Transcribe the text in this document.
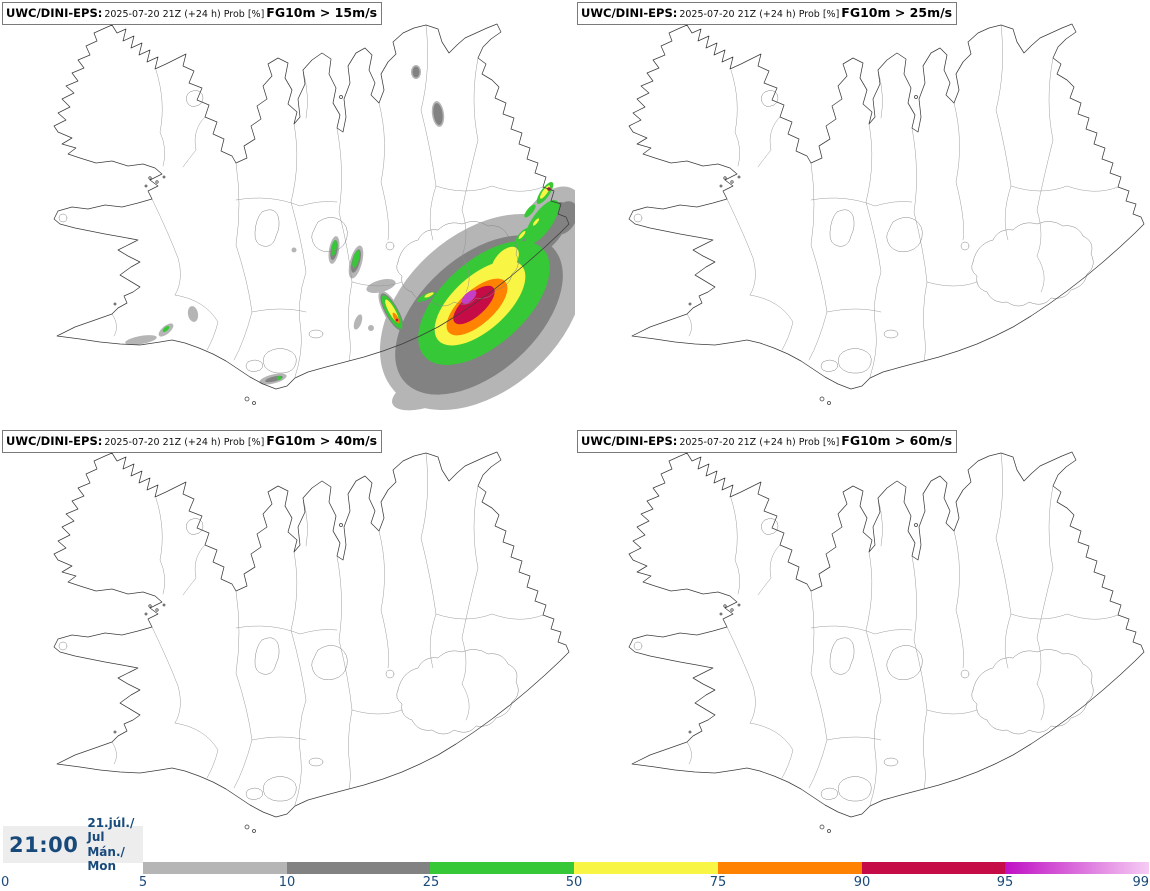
UWC/DINI-EPS: 2025-07-20 21Z (+24 h) Prob [%] FG10m > 15m/s	UWC/DINI-EPS: 2025-07-20 21Z (+24 h) Prob [%] FG10m > 25m/s
UWC/DINI-EPS: 2025-07-20 21Z (+24 h) Prob [%] FG10m > 40m/s	UWC/DINI-EPS: 2025-07-20 21Z (+24 h) Prob [%] FG10m > 60m/s
21:00
21.júl./ Jul
Mán./ Mon
0	5	10	25	50	75	90	95	99
